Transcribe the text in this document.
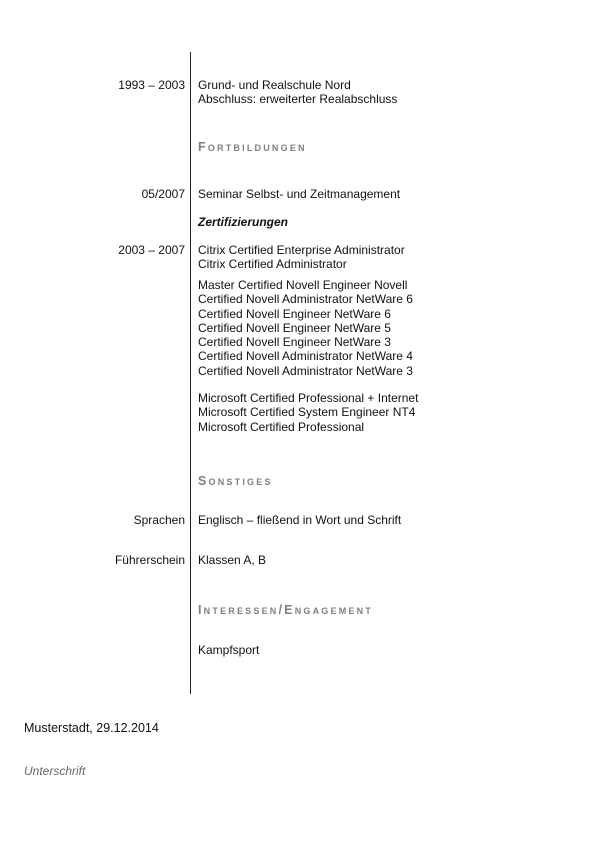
1993 – 2003 Grund- und Realschule Nord
Abschluss: erweiterter Realabschluss
Fortbildungen
05/2007 Seminar Selbst- und Zeitmanagement
Zertifizierungen
2003 – 2007 Citrix Certified Enterprise Administrator
Citrix Certified Administrator
Master Certified Novell Engineer Novell
Certified Novell Administrator NetWare 6
Certified Novell Engineer NetWare 6
Certified Novell Engineer NetWare 5
Certified Novell Engineer NetWare 3
Certified Novell Administrator NetWare 4
Certified Novell Administrator NetWare 3
Microsoft Certified Professional + Internet
Microsoft Certified System Engineer NT4
Microsoft Certified Professional
Sonstiges
Sprachen Englisch – fließend in Wort und Schrift
Führerschein Klassen A, B
Interessen/Engagement
Kampfsport
Musterstadt, 29.12.2014
Unterschrift
